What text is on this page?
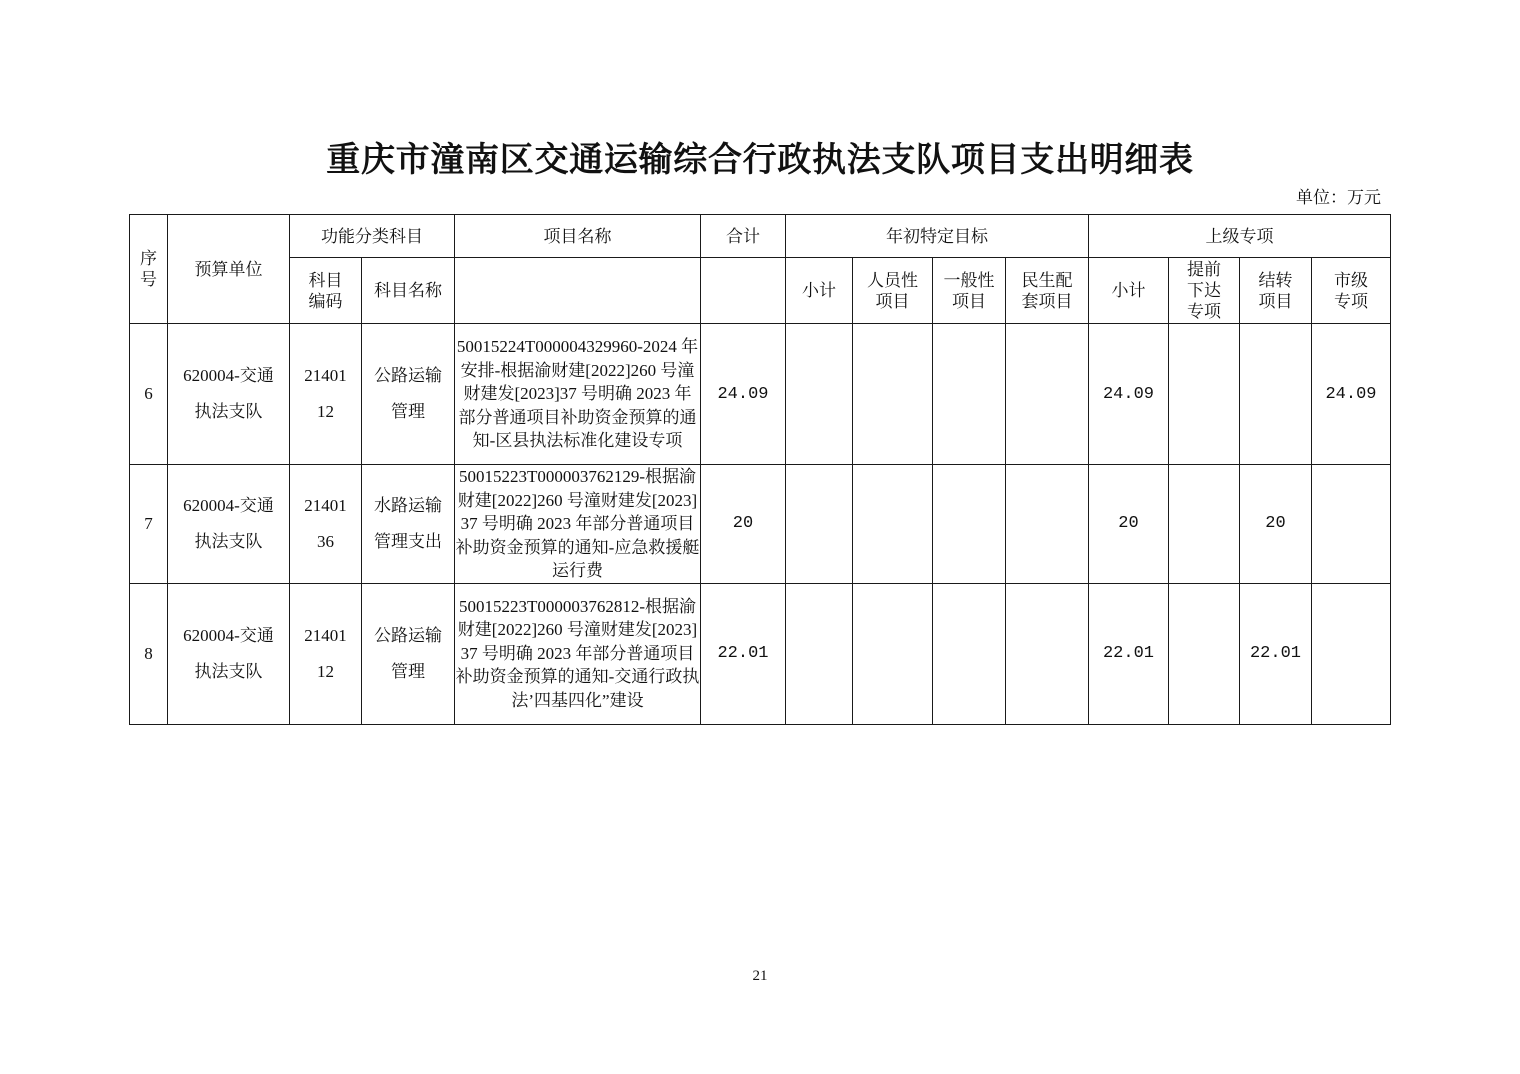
重庆市潼南区交通运输综合行政执法支队项目支出明细表
单位：万元
序号	预算单位	功能分类科目		项目名称	合计	年初特定目标				上级专项			
		科目编码	科目名称			小计	人员性项目	一般性项目	民生配套项目	小计	提前下达专项	结转项目	市级专项
6	620004-交通执法支队	2140112	公路运输管理	50015224T000004329960-2024 年安排-根据渝财建[2022]260 号潼财建发[2023]37 号明确 2023 年部分普通项目补助资金预算的通知-区县执法标准化建设专项	24.09					24.09			24.09
7	620004-交通执法支队	2140136	水路运输管理支出	50015223T000003762129-根据渝财建[2022]260 号潼财建发[2023]37 号明确 2023 年部分普通项目补助资金预算的通知-应急救援艇运行费	20					20		20	
8	620004-交通执法支队	2140112	公路运输管理	50015223T000003762812-根据渝财建[2022]260 号潼财建发[2023]37 号明确 2023 年部分普通项目补助资金预算的通知-交通行政执法’四基四化”建设	22.01					22.01		22.01	
21
